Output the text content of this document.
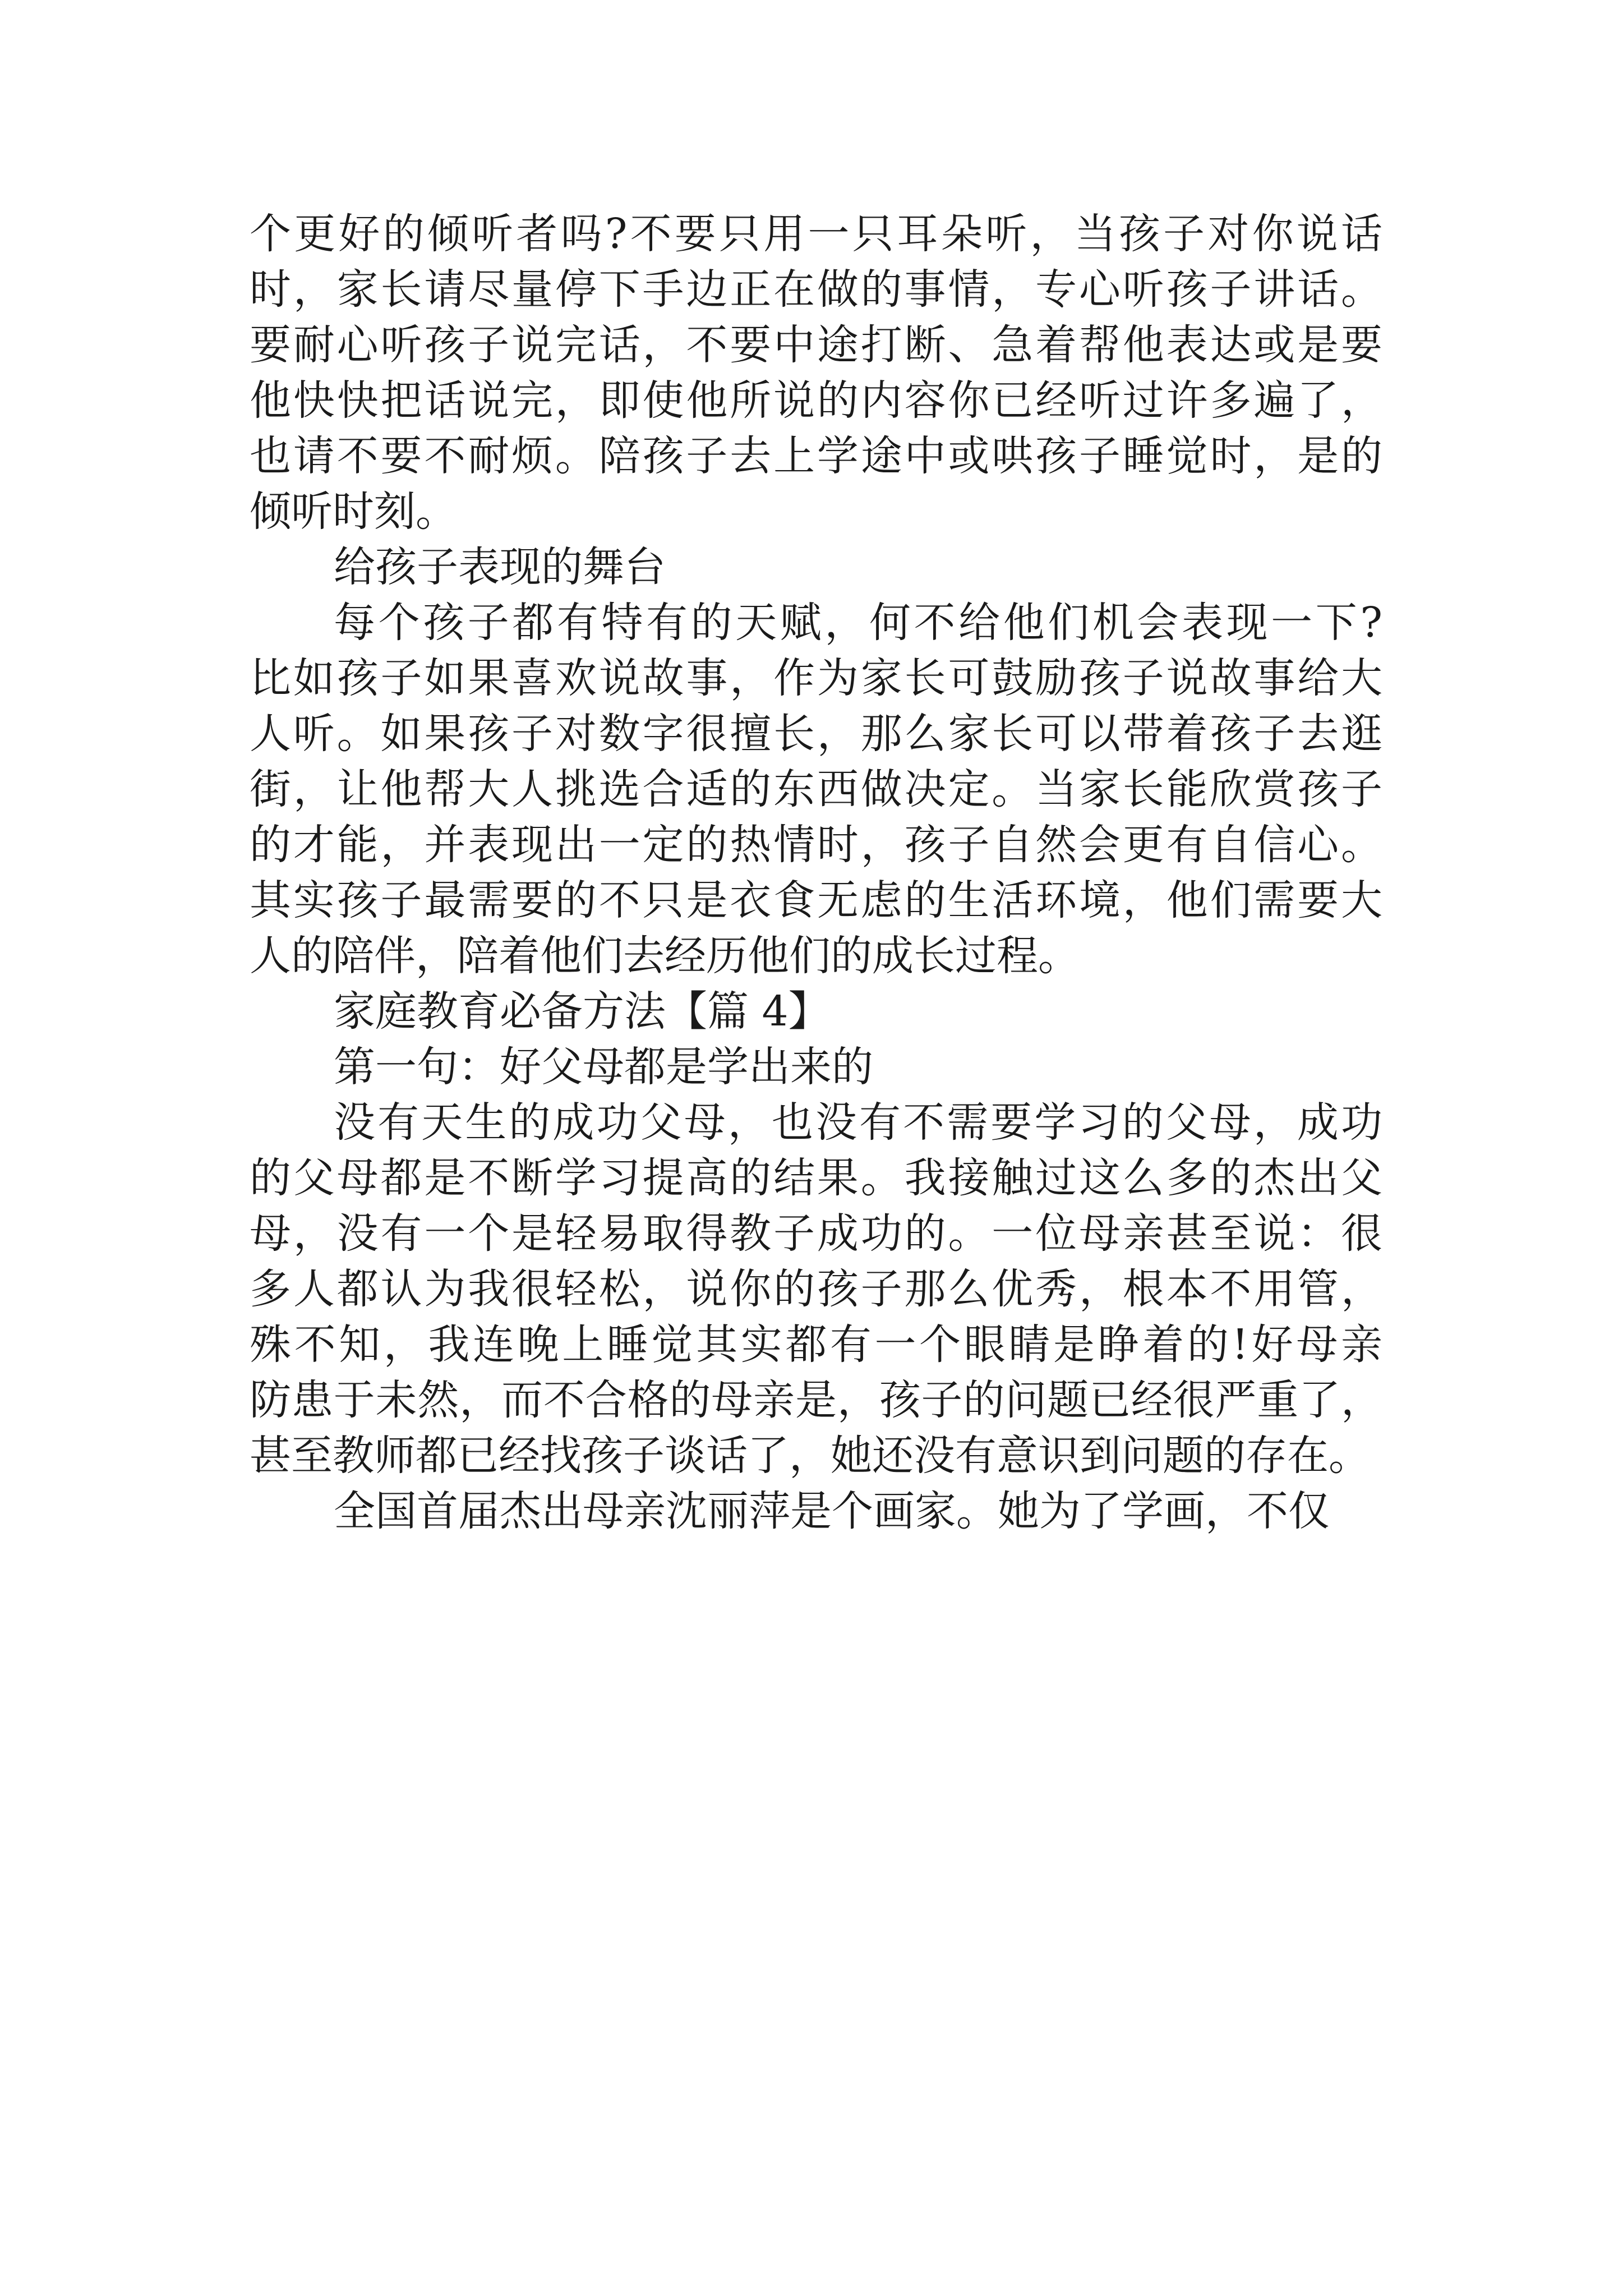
个更好的倾听者吗?不要只用一只耳朵听，当孩子对你说话
时，家长请尽量停下手边正在做的事情，专心听孩子讲话。
要耐心听孩子说完话，不要中途打断、急着帮他表达或是要
他快快把话说完，即使他所说的内容你已经听过许多遍了，
也请不要不耐烦。陪孩子去上学途中或哄孩子睡觉时，是的
倾听时刻。
给孩子表现的舞台
每个孩子都有特有的天赋，何不给他们机会表现一下?
比如孩子如果喜欢说故事，作为家长可鼓励孩子说故事给大
人听。如果孩子对数字很擅长，那么家长可以带着孩子去逛
街，让他帮大人挑选合适的东西做决定。当家长能欣赏孩子
的才能，并表现出一定的热情时，孩子自然会更有自信心。
其实孩子最需要的不只是衣食无虑的生活环境，他们需要大
人的陪伴，陪着他们去经历他们的成长过程。
家庭教育必备方法【篇 4】
第一句：好父母都是学出来的
没有天生的成功父母，也没有不需要学习的父母，成功
的父母都是不断学习提高的结果。我接触过这么多的杰出父
母，没有一个是轻易取得教子成功的。一位母亲甚至说：很
多人都认为我很轻松，说你的孩子那么优秀，根本不用管，
殊不知，我连晚上睡觉其实都有一个眼睛是睁着的!好母亲
防患于未然，而不合格的母亲是，孩子的问题已经很严重了，
甚至教师都已经找孩子谈话了，她还没有意识到问题的存在。
全国首届杰出母亲沈丽萍是个画家。她为了学画，不仅
